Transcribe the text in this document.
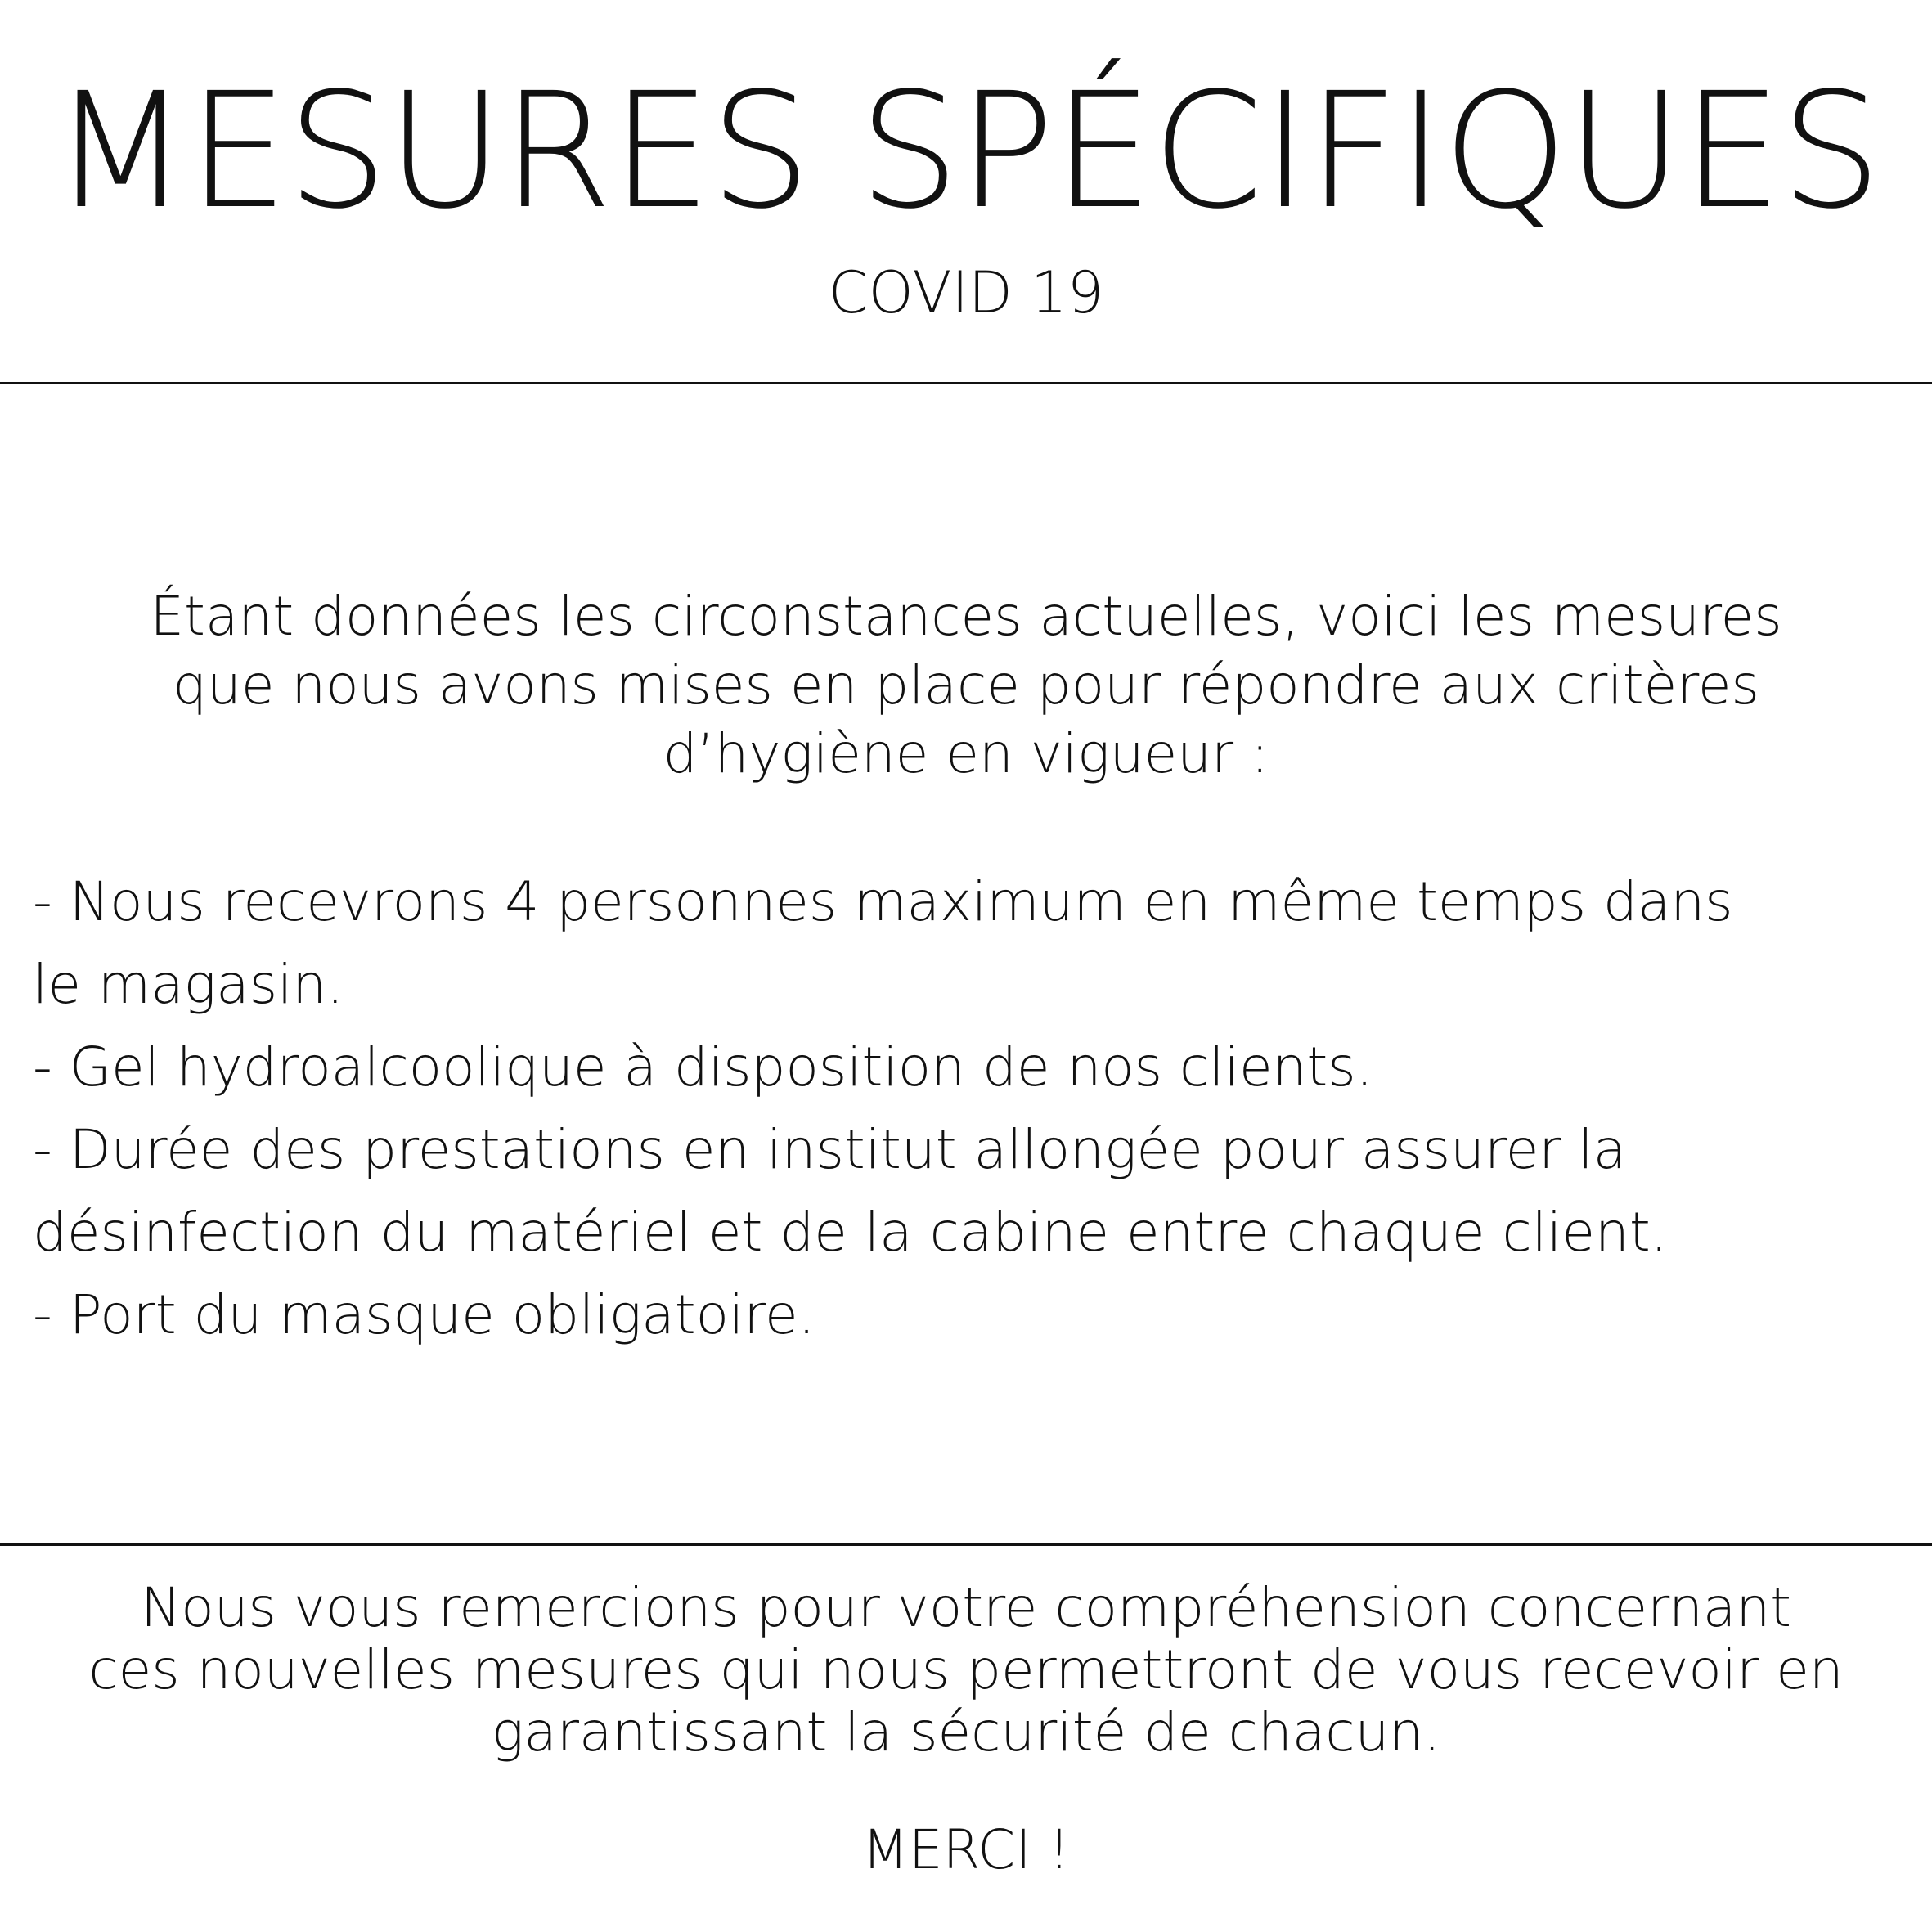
MESURES SPÉCIFIQUES
COVID 19
Étant données les circonstances actuelles, voici les mesures
que nous avons mises en place pour répondre aux critères
d’hygiène en vigueur :
- Nous recevrons 4 personnes maximum en même temps dans
le magasin.
- Gel hydroalcoolique à disposition de nos clients.
- Durée des prestations en institut allongée pour assurer la
désinfection du matériel et de la cabine entre chaque client.
- Port du masque obligatoire.
Nous vous remercions pour votre compréhension concernant
ces nouvelles mesures qui nous permettront de vous recevoir en
garantissant la sécurité de chacun.
MERCI !
